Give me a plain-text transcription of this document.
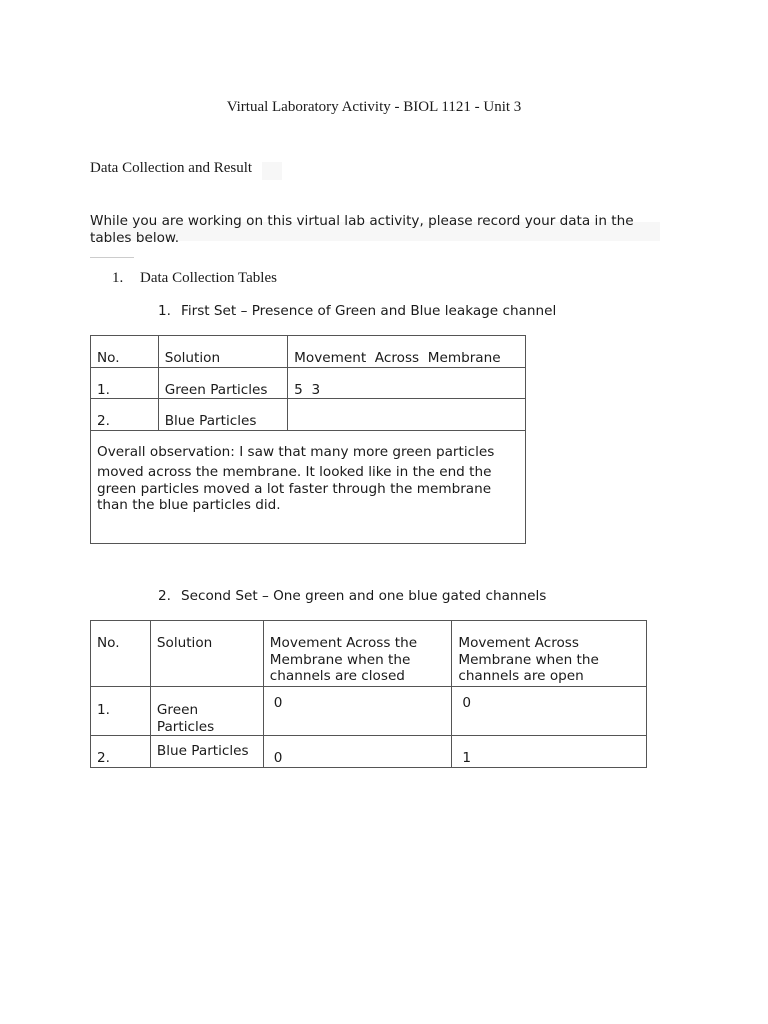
Virtual Laboratory Activity - BIOL 1121 - Unit 3
Data Collection and Result
While you are working on this virtual lab activity, please record your data in the tables below.
1. Data Collection Tables
1. First Set – Presence of Green and Blue leakage channel
No.	Solution	Movement  Across  Membrane
1.	Green Particles	5  3
2.	Blue Particles	

Overall observation: I saw that many more green particles
moved across the membrane. It looked like in the end the green particles moved a lot faster through the membrane than the blue particles did.		
2. Second Set – One green and one blue gated channels
No.	Solution	Movement Across the Membrane when the channels are closed	Movement Across Membrane when the channels are open
1.	Green Particles	0	0
2.	Blue Particles	0	1
